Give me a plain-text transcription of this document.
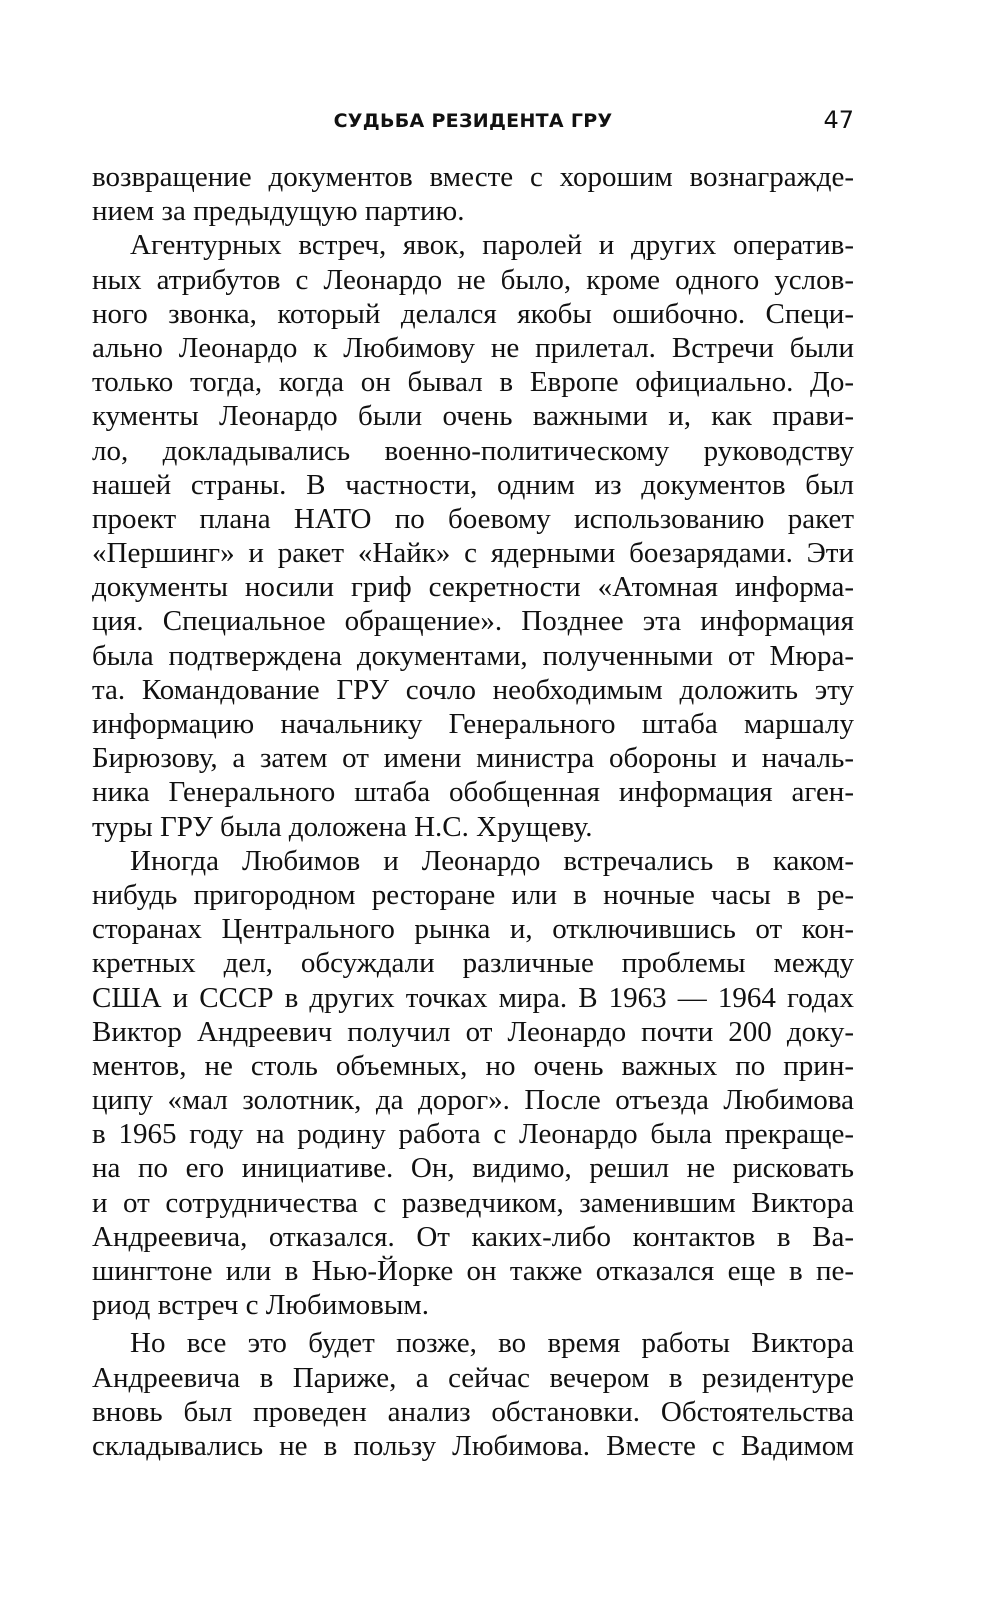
СУДЬБА РЕЗИДЕНТА ГРУ	47
возвращение документов вместе с хорошим вознагражде-
нием за предыдущую партию.
Агентурных встреч, явок, паролей и других оператив-
ных атрибутов с Леонардо не было, кроме одного услов-
ного звонка, который делался якобы ошибочно. Специ-
ально Леонардо к Любимову не прилетал. Встречи были
только тогда, когда он бывал в Европе официально. До-
кументы Леонардо были очень важными и, как прави-
ло, докладывались военно-политическому руководству
нашей страны. В частности, одним из документов был
проект плана НАТО по боевому использованию ракет
«Першинг» и ракет «Найк» с ядерными боезарядами. Эти
документы носили гриф секретности «Атомная информа-
ция. Специальное обращение». Позднее эта информация
была подтверждена документами, полученными от Мюра-
та. Командование ГРУ сочло необходимым доложить эту
информацию начальнику Генерального штаба маршалу
Бирюзову, а затем от имени министра обороны и началь-
ника Генерального штаба обобщенная информация аген-
туры ГРУ была доложена Н.С. Хрущеву.
Иногда Любимов и Леонардо встречались в каком-
нибудь пригородном ресторане или в ночные часы в ре-
сторанах Центрального рынка и, отключившись от кон-
кретных дел, обсуждали различные проблемы между
США и СССР в других точках мира. В 1963 — 1964 годах
Виктор Андреевич получил от Леонардо почти 200 доку-
ментов, не столь объемных, но очень важных по прин-
ципу «мал золотник, да дорог». После отъезда Любимова
в 1965 году на родину работа с Леонардо была прекраще-
на по его инициативе. Он, видимо, решил не рисковать
и от сотрудничества с разведчиком, заменившим Виктора
Андреевича, отказался. От каких-либо контактов в Ва-
шингтоне или в Нью-Йорке он также отказался еще в пе-
риод встреч с Любимовым.
Но все это будет позже, во время работы Виктора
Андреевича в Париже, а сейчас вечером в резидентуре
вновь был проведен анализ обстановки. Обстоятельства
складывались не в пользу Любимова. Вместе с Вадимом
